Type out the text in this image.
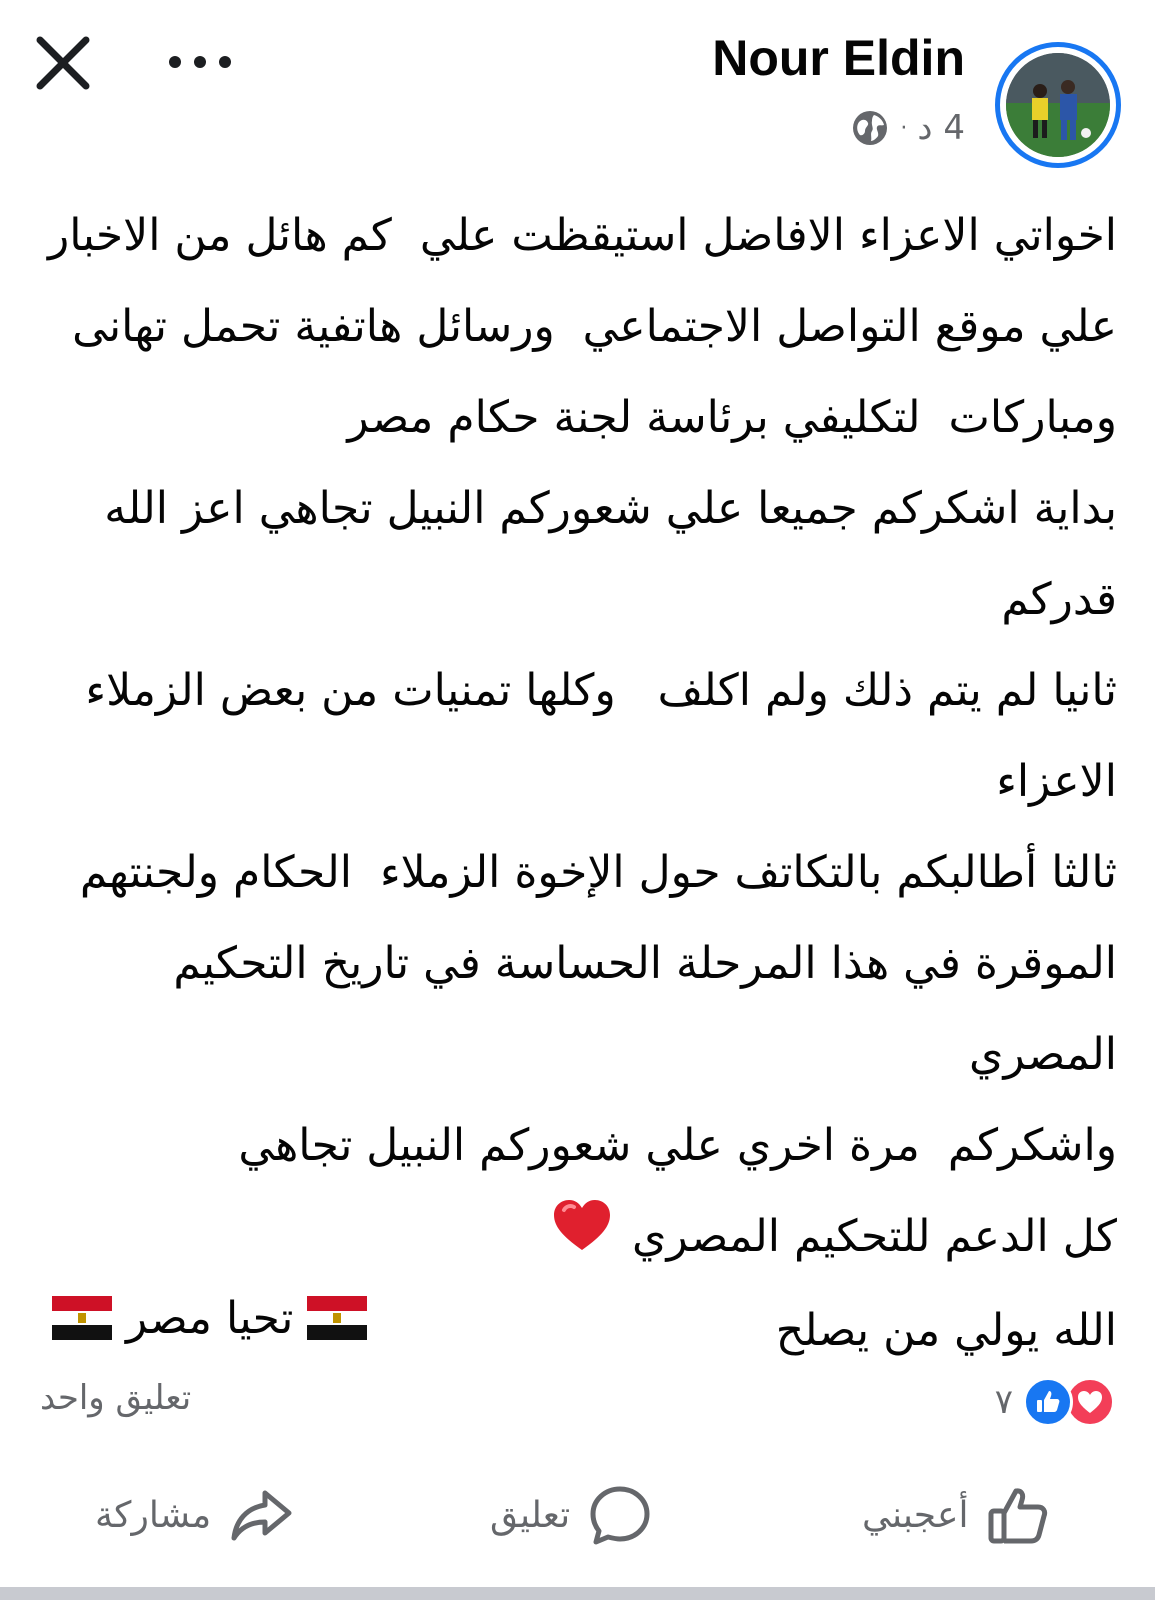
Nour Eldin
· 4 د

اخواتي الاعزاء الافاضل استيقظت علي  كم هائل من الاخبار علي موقع التواصل الاجتماعي  ورسائل هاتفية تحمل تهانى ومباركات  لتكليفي برئاسة لجنة حكام مصر

بداية اشكركم جميعا علي شعوركم النبيل تجاهي اعز الله قدركم

ثانيا لم يتم ذلك ولم اكلف   وكلها تمنيات من بعض الزملاء الاعزاء

ثالثا أطالبكم بالتكاتف حول الإخوة الزملاء  الحكام ولجنتهم الموقرة في هذا المرحلة الحساسة في تاريخ التحكيم المصري

واشكركم  مرة اخري علي شعوركم النبيل تجاهي

كل الدعم للتحكيم المصري

الله يولي من يصلح

تحيا مصر
تعليق واحد	٧
مشاركة	تعليق	أعجبني
